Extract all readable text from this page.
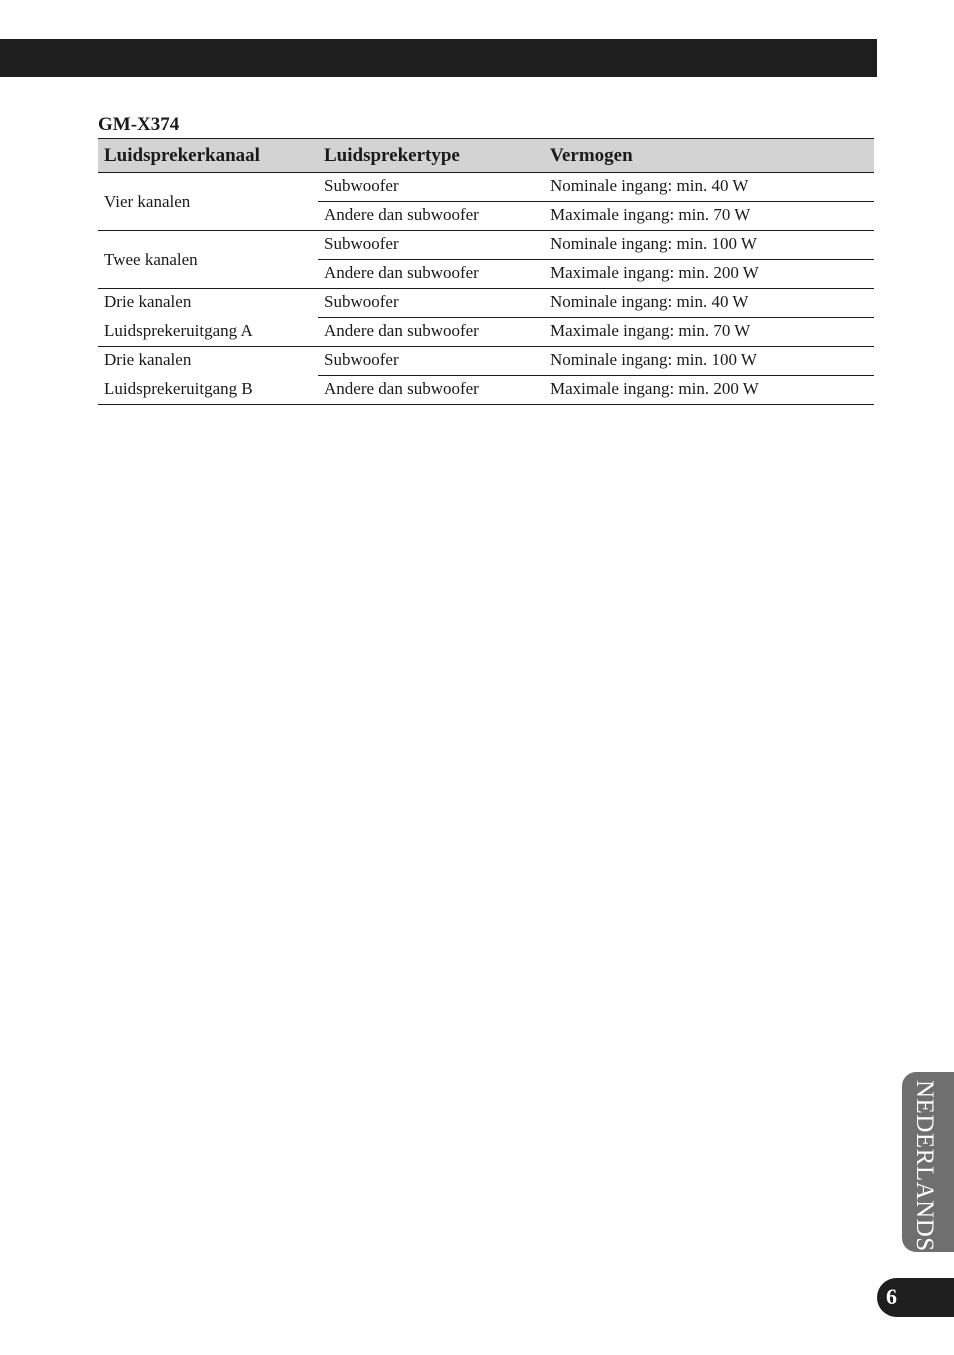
GM-X374
Luidsprekerkanaal	Luidsprekertype	Vermogen
Vier kanalen	Subwoofer	Nominale ingang: min. 40 W
	Andere dan subwoofer	Maximale ingang: min. 70 W
Twee kanalen	Subwoofer	Nominale ingang: min. 100 W
	Andere dan subwoofer	Maximale ingang: min. 200 W
Drie kanalen	Subwoofer	Nominale ingang: min. 40 W
Luidsprekeruitgang A	Andere dan subwoofer	Maximale ingang: min. 70 W
Drie kanalen	Subwoofer	Nominale ingang: min. 100 W
Luidsprekeruitgang B	Andere dan subwoofer	Maximale ingang: min. 200 W
NEDERLANDS
6
